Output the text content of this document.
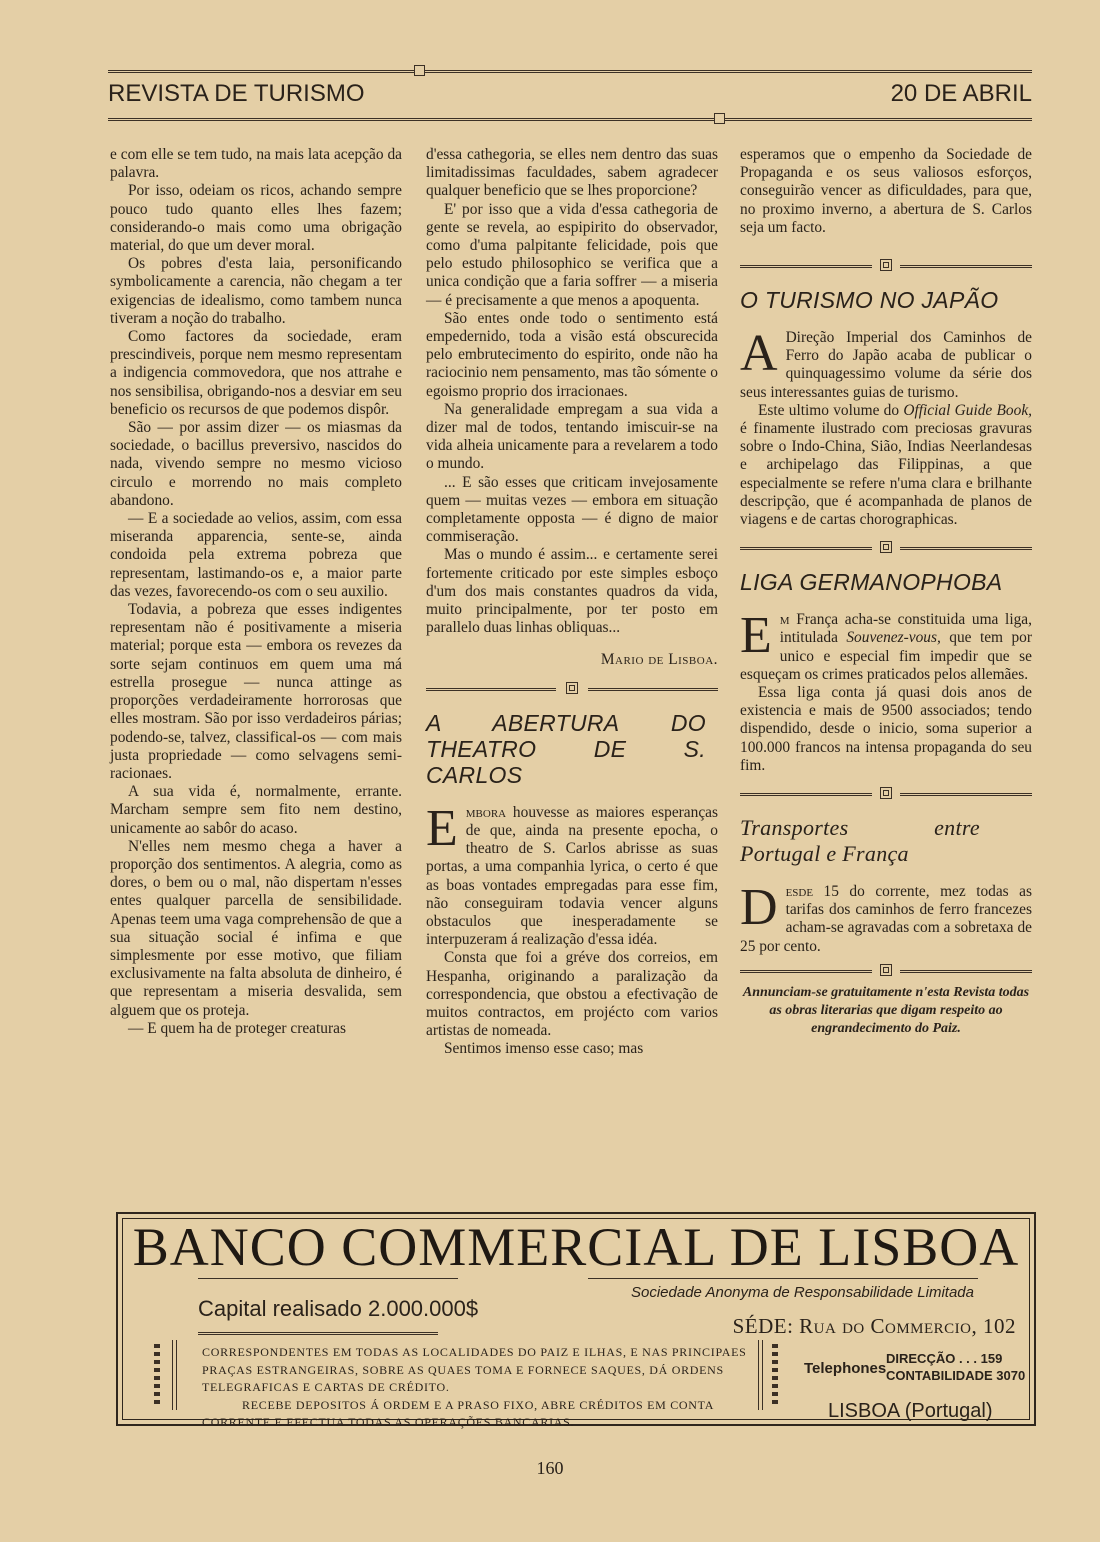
REVISTA DE TURISMO	20 DE ABRIL

e com elle se tem tudo, na mais lata acepção da palavra.

Por isso, odeiam os ricos, achando sempre pouco tudo quanto elles lhes fazem; considerando-o mais como uma obrigação material, do que um dever moral.

Os pobres d'esta laia, personificando symbolicamente a carencia, não chegam a ter exigencias de idealismo, como tambem nunca tiveram a noção do trabalho.

Como factores da sociedade, eram prescindiveis, porque nem mesmo representam a indigencia commovedora, que nos attrahe e nos sensibilisa, obrigando-nos a desviar em seu beneficio os recursos de que podemos dispôr.

São — por assim dizer — os miasmas da sociedade, o bacillus preversivo, nascidos do nada, vivendo sempre no mesmo vicioso circulo e morrendo no mais completo abandono.

— E a sociedade ao velios, assim, com essa miseranda apparencia, sente-se, ainda condoida pela extrema pobreza que representam, lastimando-os e, a maior parte das vezes, favorecendo-os com o seu auxilio.

Todavia, a pobreza que esses indigentes representam não é positivamente a miseria material; porque esta — embora os revezes da sorte sejam continuos em quem uma má estrella prosegue — nunca attinge as proporções verdadeiramente horrorosas que elles mostram. São por isso verdadeiros párias; podendo-se, talvez, classifical-os — com mais justa propriedade — como selvagens semi-racionaes.

A sua vida é, normalmente, errante. Marcham sempre sem fito nem destino, unicamente ao sabôr do acaso.

N'elles nem mesmo chega a haver a proporção dos sentimentos. A alegria, como as dores, o bem ou o mal, não dispertam n'esses entes qualquer parcella de sensibilidade. Apenas teem uma vaga comprehensão de que a sua situação social é infima e que simplesmente por esse motivo, que filiam exclusivamente na falta absoluta de dinheiro, é que representam a miseria desvalida, sem alguem que os proteja.

— E quem ha de proteger creaturas

d'essa cathegoria, se elles nem dentro das suas limitadissimas faculdades, sabem agradecer qualquer beneficio que se lhes proporcione?

E' por isso que a vida d'essa cathegoria de gente se revela, ao espipirito do observador, como d'uma palpitante felicidade, pois que pelo estudo philosophico se verifica que a unica condição que a faria soffrer — a miseria — é precisamente a que menos a apoquenta.

São entes onde todo o sentimento está empedernido, toda a visão está obscurecida pelo embrutecimento do espirito, onde não ha raciocinio nem pensamento, mas tão sómente o egoismo proprio dos irracionaes.

Na generalidade empregam a sua vida a dizer mal de todos, tentando imiscuir-se na vida alheia unicamente para a revelarem a todo o mundo.

... E são esses que criticam invejosamente quem — muitas vezes — embora em situação completamente opposta — é digno de maior commiseração.

Mas o mundo é assim... e certamente serei fortemente criticado por este simples esboço d'um dos mais constantes quadros da vida, muito principalmente, por ter posto em parallelo duas linhas obliquas...

Mario de Lisboa.

A ABERTURA DO THEATRO DE S. CARLOS

Embora houvesse as maiores esperanças de que, ainda na presente epocha, o theatro de S. Carlos abrisse as suas portas, a uma companhia lyrica, o certo é que as boas vontades empregadas para esse fim, não conseguiram todavia vencer alguns obstaculos que inesperadamente se interpuzeram á realização d'essa idéa.

Consta que foi a gréve dos correios, em Hespanha, originando a paralização da correspondencia, que obstou a efectivação de muitos contractos, em projécto com varios artistas de nomeada.

Sentimos imenso esse caso; mas

esperamos que o empenho da Sociedade de Propaganda e os seus valiosos esforços, conseguirão vencer as dificuldades, para que, no proximo inverno, a abertura de S. Carlos seja um facto.

O TURISMO NO JAPÃO

A Direção Imperial dos Caminhos de Ferro do Japão acaba de publicar o quinquagessimo volume da série dos seus interessantes guias de turismo.

Este ultimo volume do Official Guide Book, é finamente ilustrado com preciosas gravuras sobre o Indo-China, Sião, Indias Neerlandesas e archipelago das Filippinas, a que especialmente se refere n'uma clara e brilhante descripção, que é acompanhada de planos de viagens e de cartas chorographicas.

LIGA GERMANOPHOBA

Em França acha-se constituida uma liga, intitulada Souvenez-vous, que tem por unico e especial fim impedir que se esqueçam os crimes praticados pelos allemães.

Essa liga conta já quasi dois anos de existencia e mais de 9500 associados; tendo dispendido, desde o inicio, soma superior a 100.000 francos na intensa propaganda do seu fim.

Transportes entre Portugal e França

Desde 15 do corrente, mez todas as tarifas dos caminhos de ferro francezes acham-se agravadas com a sobretaxa de 25 por cento.

Annunciam-se gratuitamente n'esta Revista todas as obras literarias que digam respeito ao engrandecimento do Paiz.
BANCO COMMERCIAL DE LISBOA
Sociedade Anonyma de Responsabilidade Limitada
Capital realisado 2.000.000$
SÉDE: Rua do Commercio, 102
CORRESPONDENTES EM TODAS AS LOCALIDADES DO PAIZ E ILHAS, E NAS PRINCIPAES PRAÇAS ESTRANGEIRAS, SOBRE AS QUAES TOMA E FORNECE SAQUES, DÁ ORDENS TELEGRAFICAS E CARTAS DE CRÉDITO.
RECEBE DEPOSITOS Á ORDEM E A PRASO FIXO, ABRE CRÉDITOS EM CONTA CORRENTE E EFECTUA TODAS AS OPERAÇÕES BANCARIAS.
Telephones
DIRECÇÃO . . . 159
CONTABILIDADE 3070
LISBOA (Portugal)
160
